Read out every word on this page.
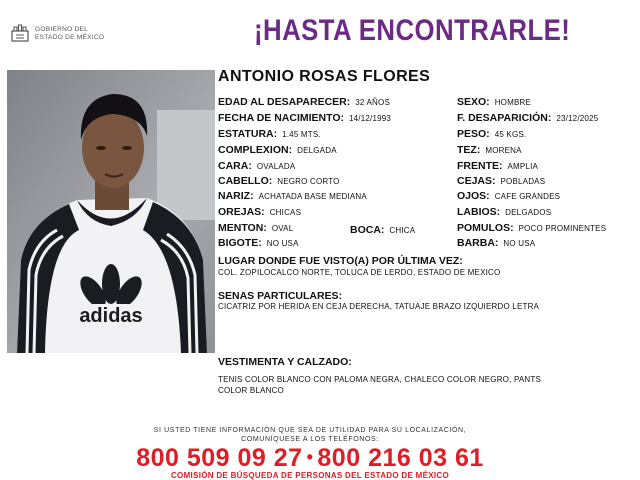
GOBIERNO DEL
ESTADO DE MÉXICO	¡HASTA ENCONTRARLE!
adidas
ANTONIO ROSAS FLORES
EDAD AL DESAPARECER: 32 AÑOS
FECHA DE NACIMIENTO: 14/12/1993
ESTATURA: 1.45 MTS.
COMPLEXION: DELGADA
CARA: OVALADA
CABELLO: NEGRO CORTO
NARIZ: ACHATADA BASE MEDIANA
OREJAS: CHICAS
MENTON: OVAL	BOCA: CHICA
BIGOTE: NO USA
SEXO: HOMBRE
F. DESAPARICIÓN: 23/12/2025
PESO: 45 KGS.
TEZ: MORENA
FRENTE: AMPLIA
CEJAS: POBLADAS
OJOS: CAFE GRANDES
LABIOS: DELGADOS
POMULOS: POCO PROMINENTES
BARBA: NO USA
LUGAR DONDE FUE VISTO(A) POR ÚLTIMA VEZ:
COL. ZOPILOCALCO NORTE, TOLUCA DE LERDO, ESTADO DE MEXICO
SENAS PARTICULARES:
CICATRIZ POR HERIDA EN CEJA DERECHA, TATUAJE BRAZO IZQUIERDO LETRA
VESTIMENTA Y CALZADO:
TENIS COLOR BLANCO CON PALOMA NEGRA, CHALECO COLOR NEGRO, PANTS
COLOR BLANCO
SI USTED TIENE INFORMACIÓN QUE SEA DE UTILIDAD PARA SU LOCALIZACIÓN,
COMUNÍQUESE A LOS TELÉFONOS:
800 509 09 27 • 800 216 03 61
COMISIÓN DE BÚSQUEDA DE PERSONAS DEL ESTADO DE MÉXICO
